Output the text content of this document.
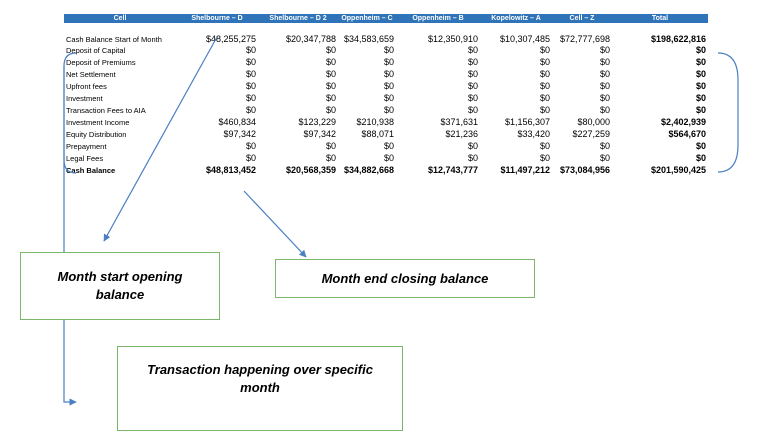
Cell	Shelbourne – D	Shelbourne – D 2	Oppenheim – C	Oppenheim – B	Kopelowitz – A	Cell – Z	Total
Cash Balance Start of Month	$48,255,275	$20,347,788	$34,583,659	$12,350,910	$10,307,485	$72,777,698	$198,622,816
Deposit of Capital	$0	$0	$0	$0	$0	$0	$0
Deposit of Premiums	$0	$0	$0	$0	$0	$0	$0
Net Settlement	$0	$0	$0	$0	$0	$0	$0
Upfront fees	$0	$0	$0	$0	$0	$0	$0
Investment	$0	$0	$0	$0	$0	$0	$0
Transaction Fees to AIA	$0	$0	$0	$0	$0	$0	$0
Investment Income	$460,834	$123,229	$210,938	$371,631	$1,156,307	$80,000	$2,402,939
Equity Distribution	$97,342	$97,342	$88,071	$21,236	$33,420	$227,259	$564,670
Prepayment	$0	$0	$0	$0	$0	$0	$0
Legal Fees	$0	$0	$0	$0	$0	$0	$0
Cash Balance	$48,813,452	$20,568,359	$34,882,668	$12,743,777	$11,497,212	$73,084,956	$201,590,425
Month start opening balance
Month end closing balance
Transaction happening over specific month
